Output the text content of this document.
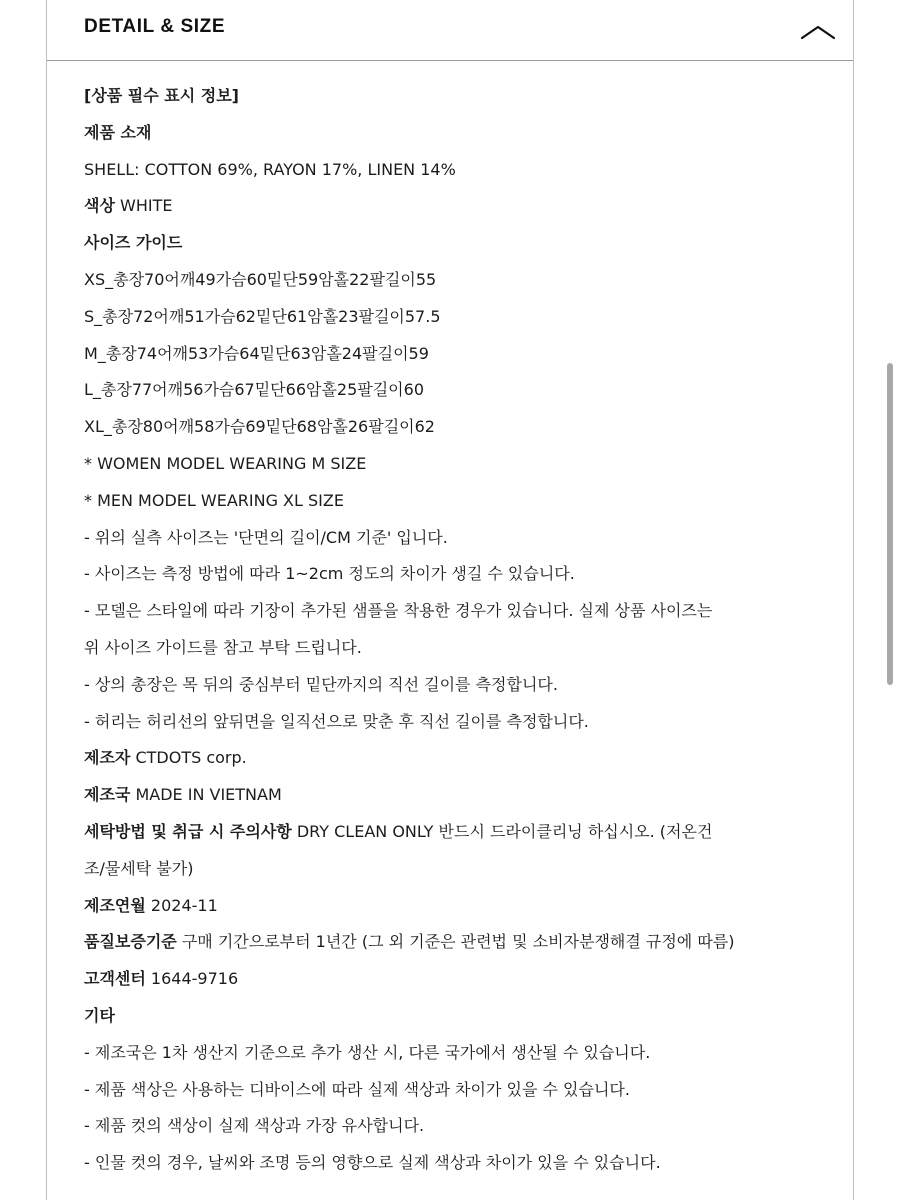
DETAIL & SIZE
[상품 필수 표시 정보]
제품 소재
SHELL: COTTON 69%, RAYON 17%, LINEN 14%
색상 WHITE
사이즈 가이드
XS_총장70어깨49가슴60밑단59암홀22팔길이55
S_총장72어깨51가슴62밑단61암홀23팔길이57.5
M_총장74어깨53가슴64밑단63암홀24팔길이59
L_총장77어깨56가슴67밑단66암홀25팔길이60
XL_총장80어깨58가슴69밑단68암홀26팔길이62
* WOMEN MODEL WEARING M SIZE
* MEN MODEL WEARING XL SIZE
- 위의 실측 사이즈는 '단면의 길이/CM 기준' 입니다.
- 사이즈는 측정 방법에 따라 1~2cm 정도의 차이가 생길 수 있습니다.
- 모델은 스타일에 따라 기장이 추가된 샘플을 착용한 경우가 있습니다. 실제 상품 사이즈는
위 사이즈 가이드를 참고 부탁 드립니다.
- 상의 총장은 목 뒤의 중심부터 밑단까지의 직선 길이를 측정합니다.
- 허리는 허리선의 앞뒤면을 일직선으로 맞춘 후 직선 길이를 측정합니다.
제조자 CTDOTS corp.
제조국 MADE IN VIETNAM
세탁방법 및 취급 시 주의사항 DRY CLEAN ONLY 반드시 드라이클리닝 하십시오. (저온건
조/물세탁 불가)
제조연월 2024-11
품질보증기준 구매 기간으로부터 1년간 (그 외 기준은 관련법 및 소비자분쟁해결 규정에 따름)
고객센터 1644-9716
기타
- 제조국은 1차 생산지 기준으로 추가 생산 시, 다른 국가에서 생산될 수 있습니다.
- 제품 색상은 사용하는 디바이스에 따라 실제 색상과 차이가 있을 수 있습니다.
- 제품 컷의 색상이 실제 색상과 가장 유사합니다.
- 인물 컷의 경우, 날씨와 조명 등의 영향으로 실제 색상과 차이가 있을 수 있습니다.
